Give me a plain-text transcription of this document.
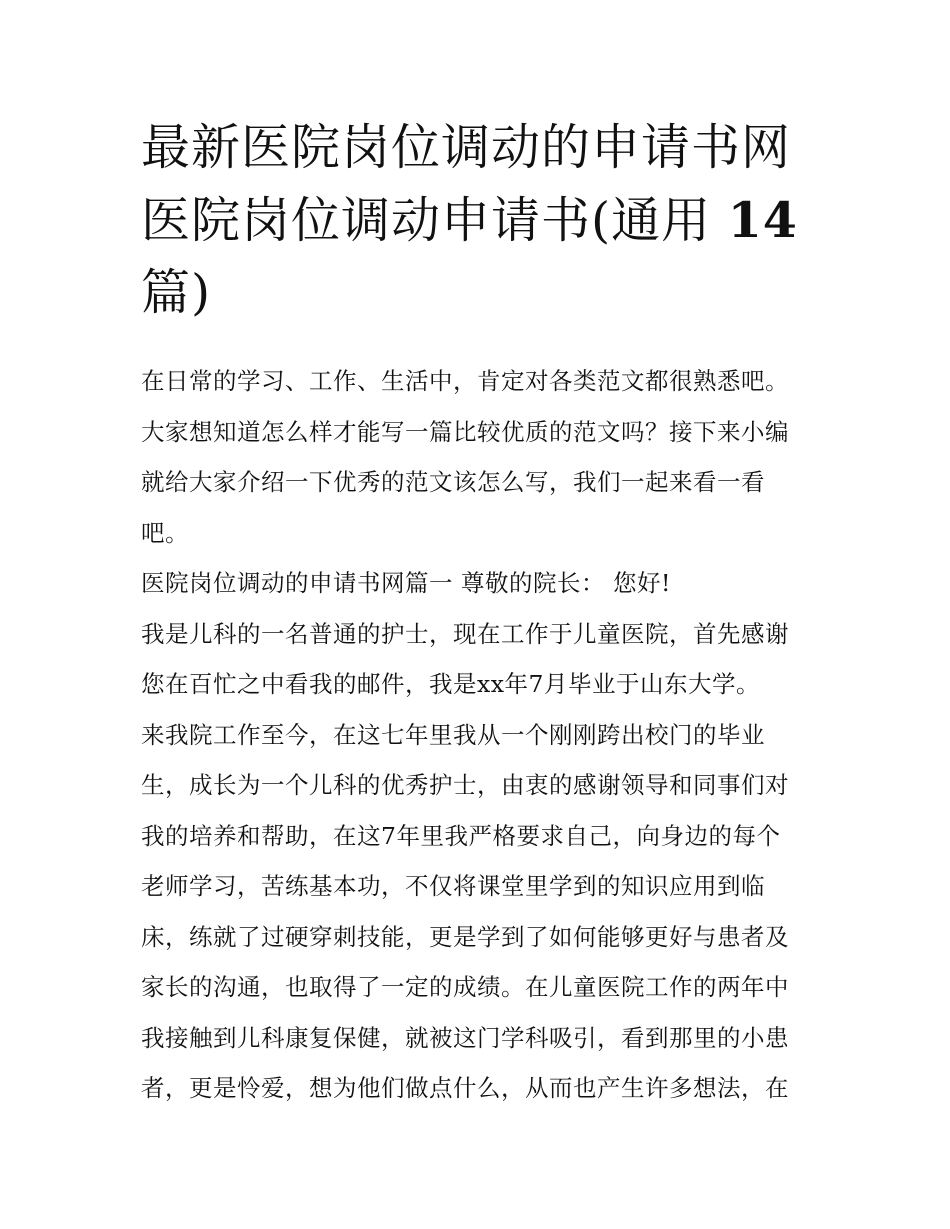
最新医院岗位调动的申请书网
医院岗位调动申请书(通用 14
篇)

在日常的学习、工作、生活中，肯定对各类范文都很熟悉吧。
大家想知道怎么样才能写一篇比较优质的范文吗？接下来小编
就给大家介绍一下优秀的范文该怎么写，我们一起来看一看
吧。

医院岗位调动的申请书网篇一 尊敬的院长： 您好!

我是儿科的一名普通的护士，现在工作于儿童医院，首先感谢
您在百忙之中看我的邮件，我是xx年7月毕业于山东大学。
来我院工作至今，在这七年里我从一个刚刚跨出校门的毕业
生，成长为一个儿科的优秀护士，由衷的感谢领导和同事们对
我的培养和帮助，在这7年里我严格要求自己，向身边的每个
老师学习，苦练基本功，不仅将课堂里学到的知识应用到临
床，练就了过硬穿刺技能，更是学到了如何能够更好与患者及
家长的沟通，也取得了一定的成绩。在儿童医院工作的两年中
我接触到儿科康复保健，就被这门学科吸引，看到那里的小患
者，更是怜爱，想为他们做点什么，从而也产生许多想法，在
